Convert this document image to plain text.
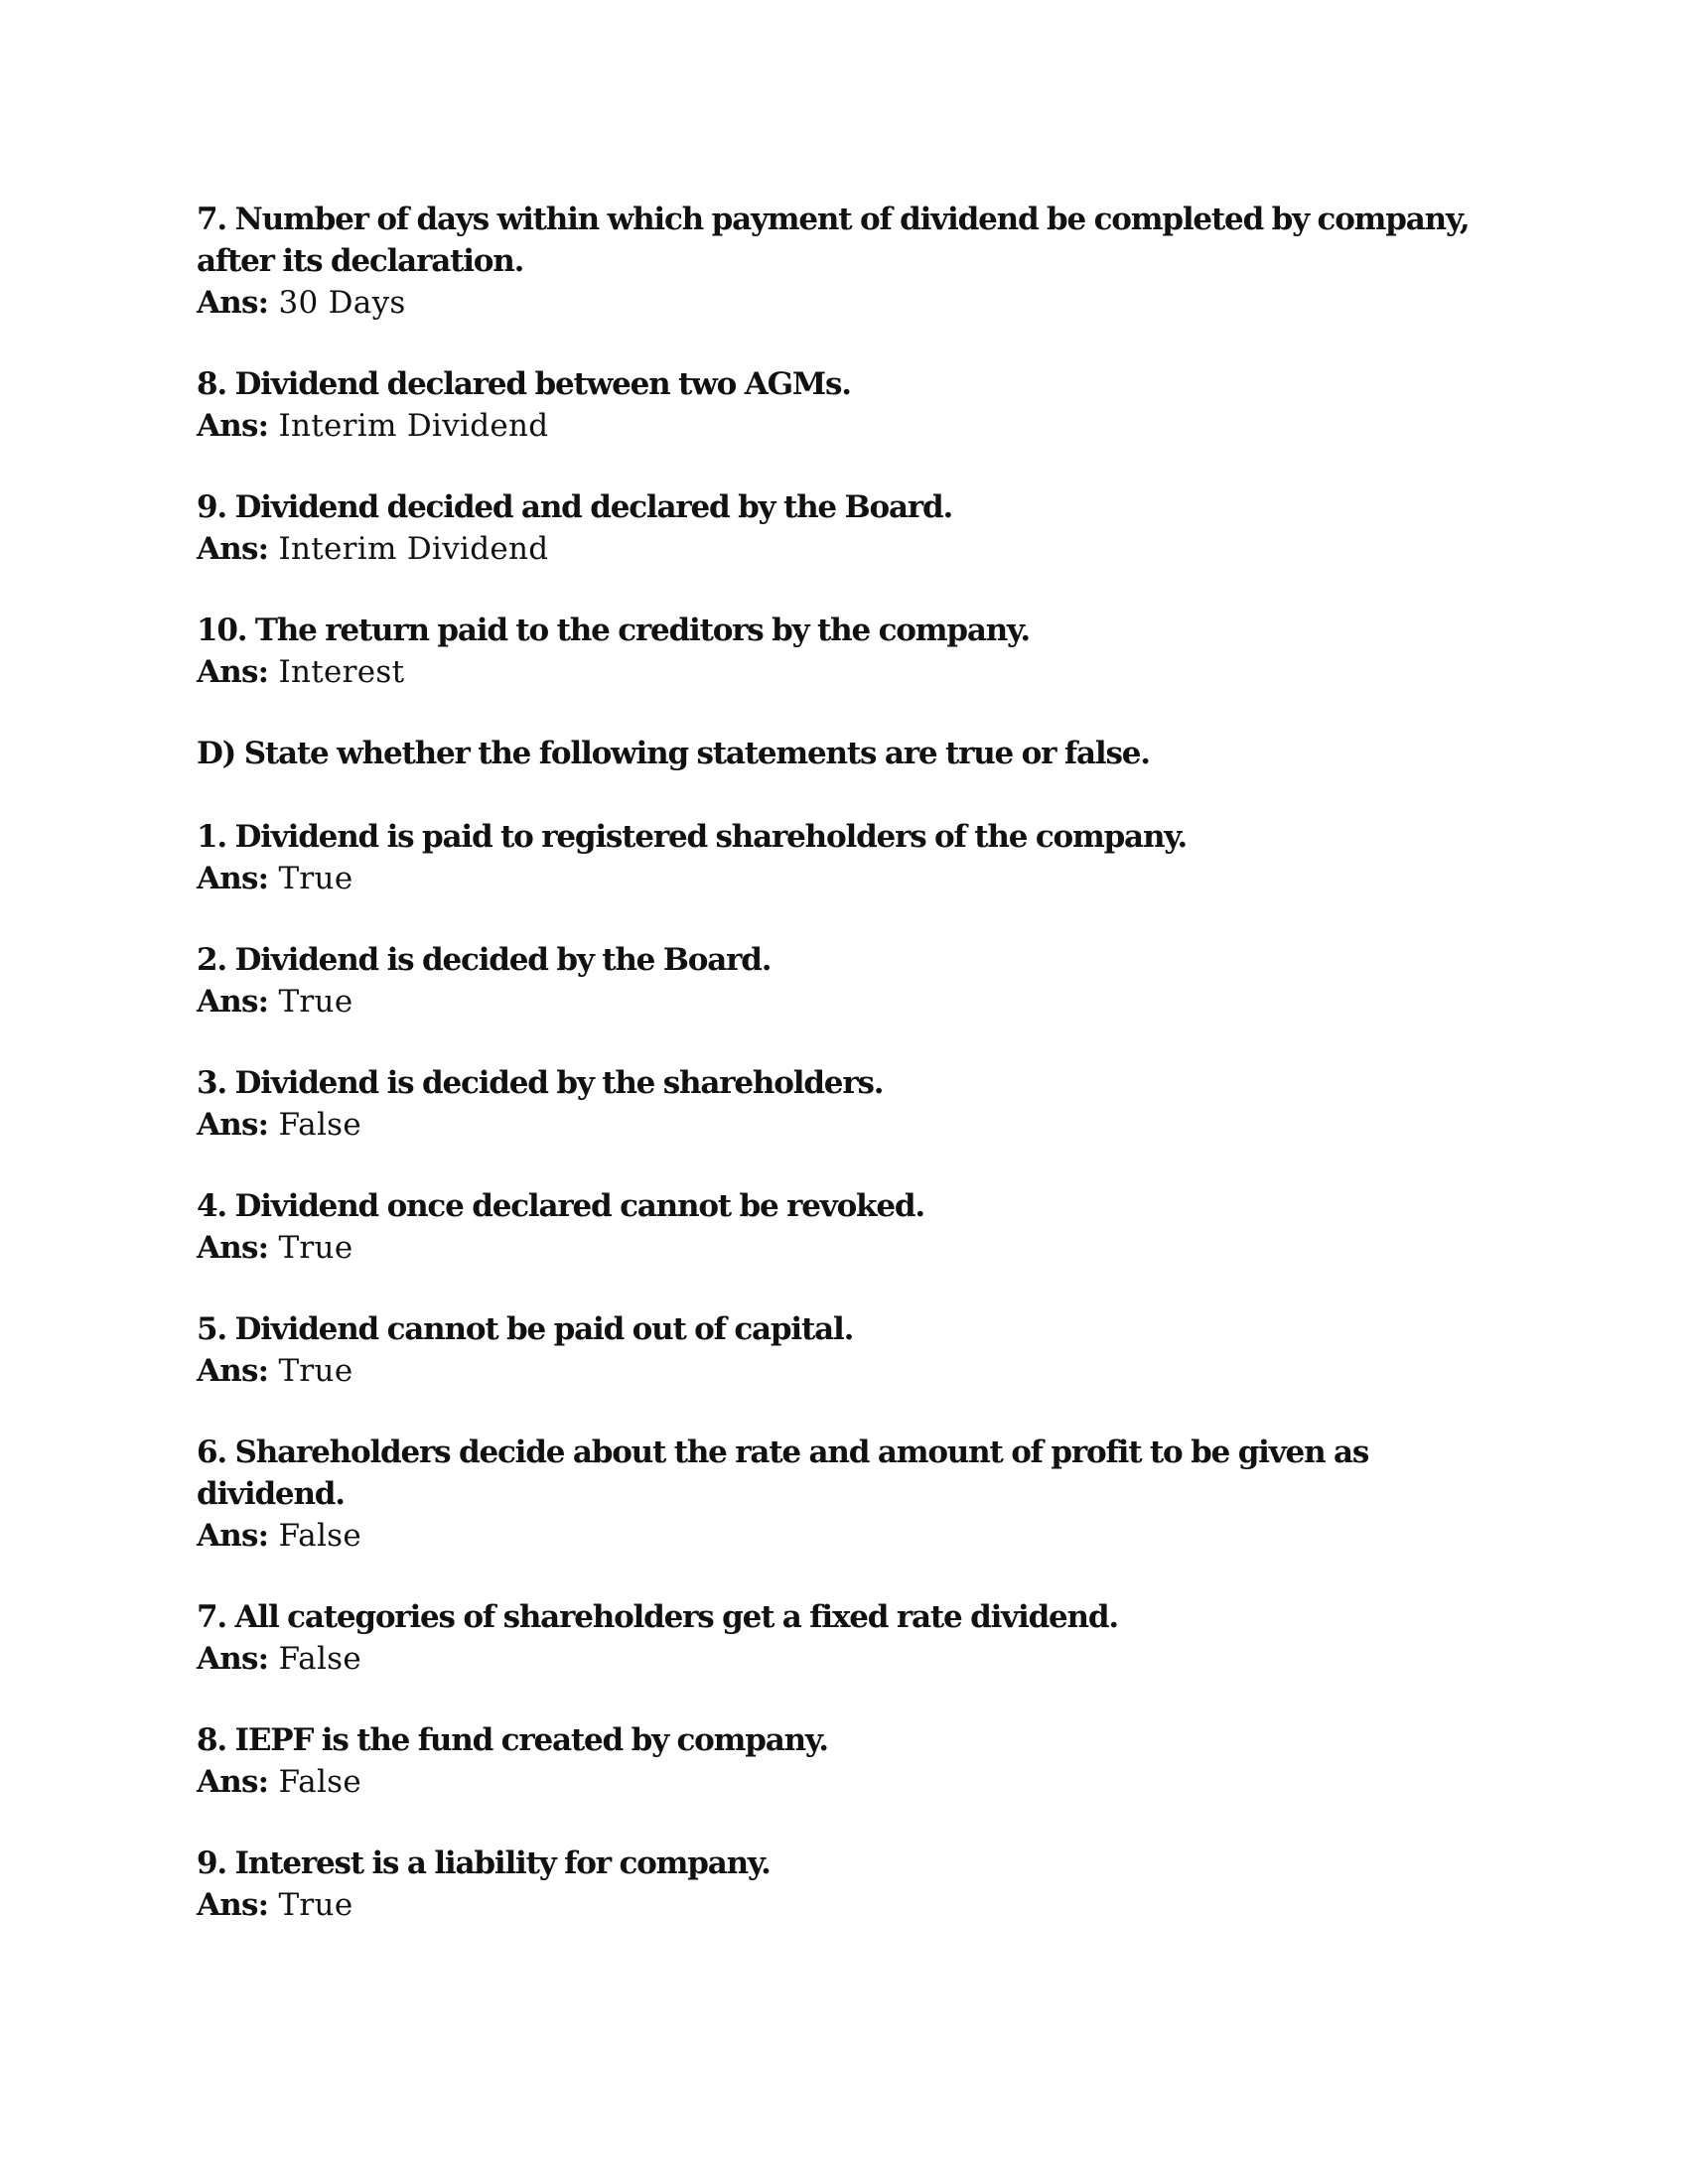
7. Number of days within which payment of dividend be completed by company, after its declaration.

Ans: 30 Days

8. Dividend declared between two AGMs.

Ans: Interim Dividend

9. Dividend decided and declared by the Board.

Ans: Interim Dividend

10. The return paid to the creditors by the company.

Ans: Interest

D) State whether the following statements are true or false.

1. Dividend is paid to registered shareholders of the company.

Ans: True

2. Dividend is decided by the Board.

Ans: True

3. Dividend is decided by the shareholders.

Ans: False

4. Dividend once declared cannot be revoked.

Ans: True

5. Dividend cannot be paid out of capital.

Ans: True

6. Shareholders decide about the rate and amount of profit to be given as dividend.

Ans: False

7. All categories of shareholders get a fixed rate dividend.

Ans: False

8. IEPF is the fund created by company.

Ans: False

9. Interest is a liability for company.

Ans: True
